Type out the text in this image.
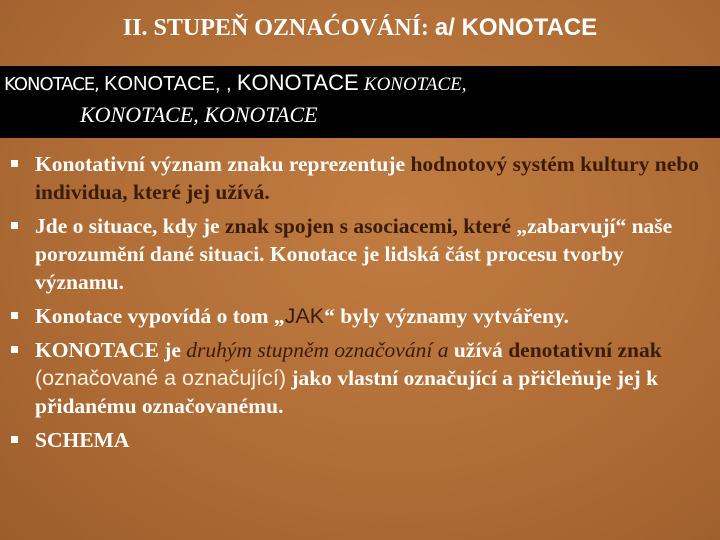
II. STUPEŇ OZNAĆOVÁNÍ: a/ KONOTACE
KONOTACE, KONOTACE, , KONOTACE KONOTACE,
KONOTACE, KONOTACE
Konotativní význam znaku reprezentuje hodnotový systém kultury nebo individua, které jej užívá.
Jde o situace, kdy je znak spojen s asociacemi, které „zabarvují“ naše porozumění dané situaci. Konotace je lidská část procesu tvorby významu.
Konotace vypovídá o tom „JAK“ byly významy vytvářeny.
KONOTACE je druhým stupněm označování a užívá denotativní znak (označované a označující) jako vlastní označující a přičleňuje jej k přidanému označovanému.
SCHEMA
